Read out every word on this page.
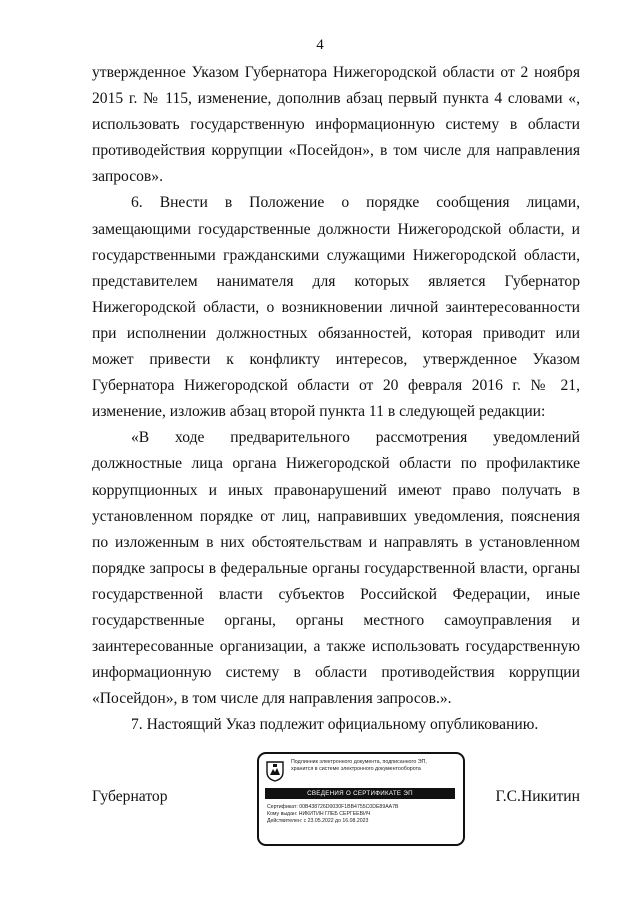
4

утвержденное Указом Губернатора Нижегородской области от 2 ноября 2015 г. № 115, изменение, дополнив абзац первый пункта 4 словами «, использовать государственную информационную систему в области противодействия коррупции «Посейдон», в том числе для направления запросов».

6. Внести в Положение о порядке сообщения лицами, замещающими государственные должности Нижегородской области, и государственными гражданскими служащими Нижегородской области, представителем нанимателя для которых является Губернатор Нижегородской области, о возникновении личной заинтересованности при исполнении должностных обязанностей, которая приводит или может привести к конфликту интересов, утвержденное Указом Губернатора Нижегородской области от 20 февраля 2016 г. № 21, изменение, изложив абзац второй пункта 11 в следующей редакции:

«В ходе предварительного рассмотрения уведомлений должностные лица органа Нижегородской области по профилактике коррупционных и иных правонарушений имеют право получать в установленном порядке от лиц, направивших уведомления, пояснения по изложенным в них обстоятельствам и направлять в установленном порядке запросы в федеральные органы государственной власти, органы государственной власти субъектов Российской Федерации, иные государственные органы, органы местного самоуправления и заинтересованные организации, а также использовать государственную информационную систему в области противодействия коррупции «Посейдон», в том числе для направления запросов.».

7. Настоящий Указ подлежит официальному опубликованию.

Губернатор	Г.С.Никитин
Подлинник электронного документа, подписанного ЭП,
хранится в системе электронного документооборота
СВЕДЕНИЯ О СЕРТИФИКАТЕ ЭП
Сертификат: 00B438726D0030F1BB4755C0DE89AA7B
Кому выдан: НИКИТИН ГЛЕБ СЕРГЕЕВИЧ
Действителен: с 23.05.2022 до 16.08.2023
